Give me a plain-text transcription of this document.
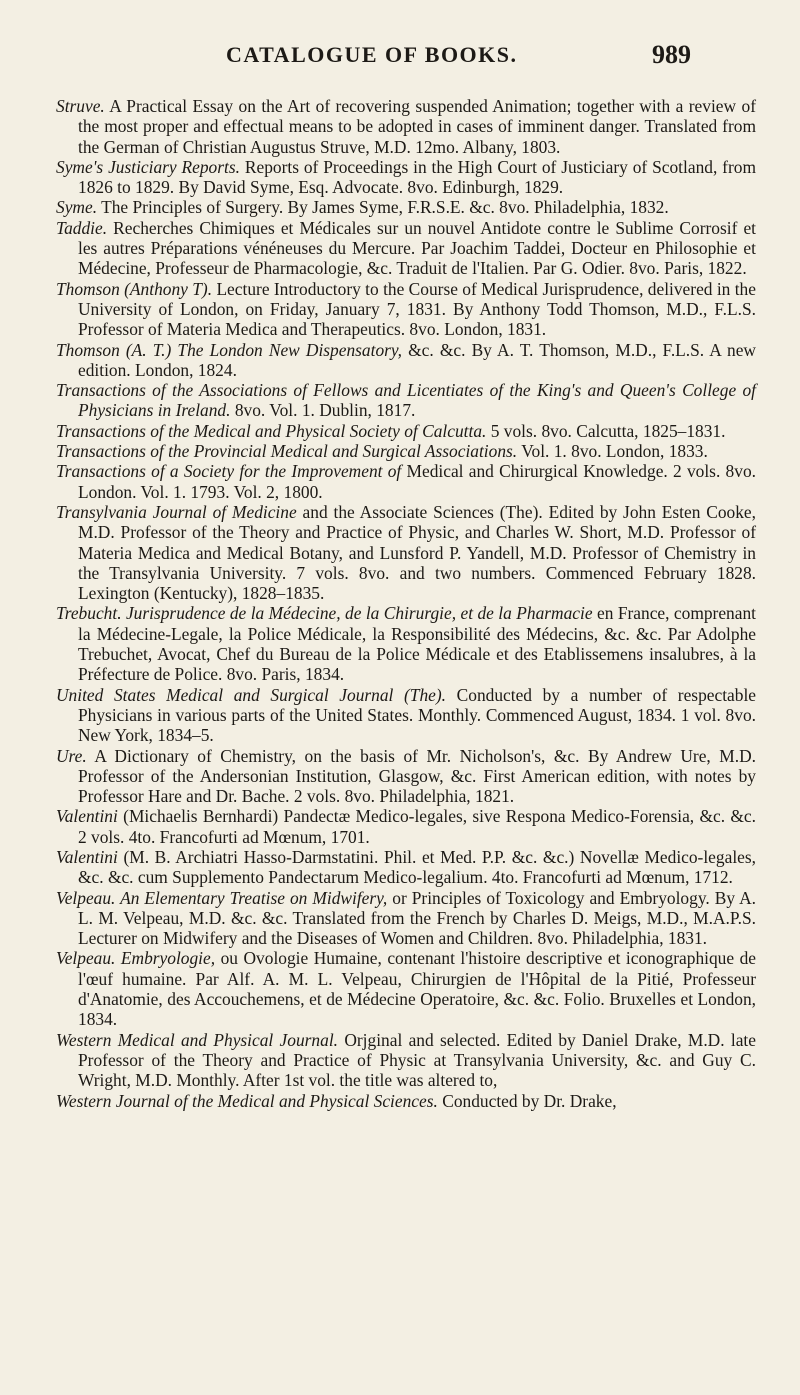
CATALOGUE OF BOOKS.	989

Struve. A Practical Essay on the Art of recovering suspended Animation; together with a review of the most proper and effectual means to be adopted in cases of imminent danger. Translated from the German of Christian Augustus Struve, M.D. 12mo. Albany, 1803.

Syme's Justiciary Reports. Reports of Proceedings in the High Court of Justiciary of Scotland, from 1826 to 1829. By David Syme, Esq. Advocate. 8vo. Edinburgh, 1829.

Syme. The Principles of Surgery. By James Syme, F.R.S.E. &c. 8vo. Philadelphia, 1832.

Taddie. Recherches Chimiques et Médicales sur un nouvel Antidote contre le Sublime Corrosif et les autres Préparations vénéneuses du Mercure. Par Joachim Taddei, Docteur en Philosophie et Médecine, Professeur de Pharmacologie, &c. Traduit de l'Italien. Par G. Odier. 8vo. Paris, 1822.

Thomson (Anthony T). Lecture Introductory to the Course of Medical Jurisprudence, delivered in the University of London, on Friday, January 7, 1831. By Anthony Todd Thomson, M.D., F.L.S. Professor of Materia Medica and Therapeutics. 8vo. London, 1831.

Thomson (A. T.) The London New Dispensatory, &c. &c. By A. T. Thomson, M.D., F.L.S. A new edition. London, 1824.

Transactions of the Associations of Fellows and Licentiates of the King's and Queen's College of Physicians in Ireland. 8vo. Vol. 1. Dublin, 1817.

Transactions of the Medical and Physical Society of Calcutta. 5 vols. 8vo. Calcutta, 1825–1831.

Transactions of the Provincial Medical and Surgical Associations. Vol. 1. 8vo. London, 1833.

Transactions of a Society for the Improvement of Medical and Chirurgical Knowledge. 2 vols. 8vo. London. Vol. 1. 1793. Vol. 2, 1800.

Transylvania Journal of Medicine and the Associate Sciences (The). Edited by John Esten Cooke, M.D. Professor of the Theory and Practice of Physic, and Charles W. Short, M.D. Professor of Materia Medica and Medical Botany, and Lunsford P. Yandell, M.D. Professor of Chemistry in the Transylvania University. 7 vols. 8vo. and two numbers. Commenced February 1828. Lexington (Kentucky), 1828–1835.

Trebucht. Jurisprudence de la Médecine, de la Chirurgie, et de la Pharmacie en France, comprenant la Médecine-Legale, la Police Médicale, la Responsibilité des Médecins, &c. &c. Par Adolphe Trebuchet, Avocat, Chef du Bureau de la Police Médicale et des Etablissemens insalubres, à la Préfecture de Police. 8vo. Paris, 1834.

United States Medical and Surgical Journal (The). Conducted by a number of respectable Physicians in various parts of the United States. Monthly. Commenced August, 1834. 1 vol. 8vo. New York, 1834–5.

Ure. A Dictionary of Chemistry, on the basis of Mr. Nicholson's, &c. By Andrew Ure, M.D. Professor of the Andersonian Institution, Glasgow, &c. First American edition, with notes by Professor Hare and Dr. Bache. 2 vols. 8vo. Philadelphia, 1821.

Valentini (Michaelis Bernhardi) Pandectæ Medico-legales, sive Respona Medico-Forensia, &c. &c. 2 vols. 4to. Francofurti ad Mœnum, 1701.

Valentini (M. B. Archiatri Hasso-Darmstatini. Phil. et Med. P.P. &c. &c.) Novellæ Medico-legales, &c. &c. cum Supplemento Pandectarum Medico-legalium. 4to. Francofurti ad Mœnum, 1712.

Velpeau. An Elementary Treatise on Midwifery, or Principles of Toxicology and Embryology. By A. L. M. Velpeau, M.D. &c. &c. Translated from the French by Charles D. Meigs, M.D., M.A.P.S. Lecturer on Midwifery and the Diseases of Women and Children. 8vo. Philadelphia, 1831.

Velpeau. Embryologie, ou Ovologie Humaine, contenant l'histoire descriptive et iconographique de l'œuf humaine. Par Alf. A. M. L. Velpeau, Chirurgien de l'Hôpital de la Pitié, Professeur d'Anatomie, des Accouchemens, et de Médecine Operatoire, &c. &c. Folio. Bruxelles et London, 1834.

Western Medical and Physical Journal. Orjginal and selected. Edited by Daniel Drake, M.D. late Professor of the Theory and Practice of Physic at Transylvania University, &c. and Guy C. Wright, M.D. Monthly. After 1st vol. the title was altered to,

Western Journal of the Medical and Physical Sciences. Conducted by Dr. Drake,
